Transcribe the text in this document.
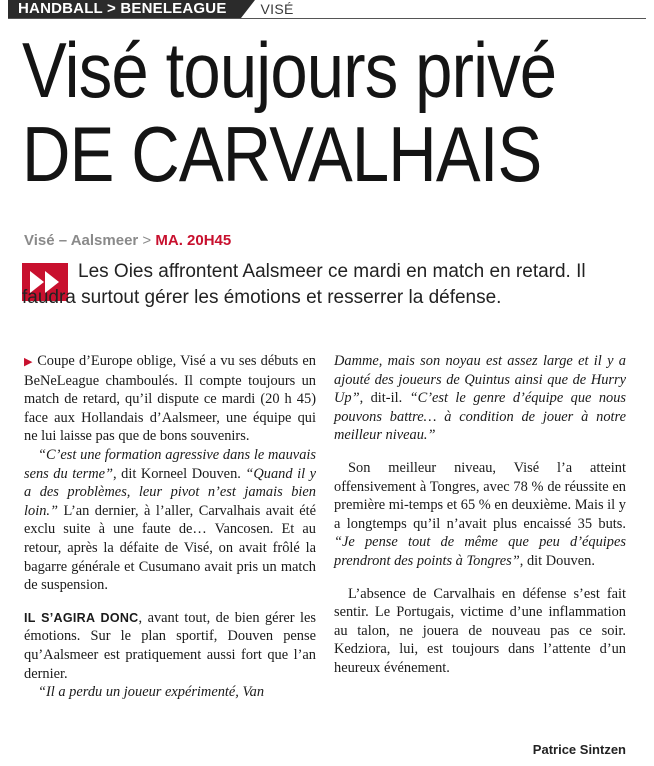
HANDBALL > BENELEAGUE	VISÉ
Visé toujours privé
DE CARVALHAIS
Visé – Aalsmeer > MA. 20H45

Les Oies affrontent Aalsmeer ce mardi en match en retard. Il faudra surtout gérer les émotions et resserrer la défense.

▶ Coupe d’Europe oblige, Visé a vu ses débuts en BeNeLeague chamboulés. Il compte toujours un match de retard, qu’il dispute ce mardi (20 h 45) face aux Hollandais d’Aalsmeer, une équipe qui ne lui laisse pas que de bons souvenirs.

“C’est une formation agressive dans le mauvais sens du terme”, dit Korneel Douven. “Quand il y a des problèmes, leur pivot n’est jamais bien loin.” L’an dernier, à l’aller, Carvalhais avait été exclu suite à une faute de… Vancosen. Et au retour, après la défaite de Visé, on avait frôlé la bagarre générale et Cusumano avait pris un match de suspension.

IL S’AGIRA DONC, avant tout, de bien gérer les émotions. Sur le plan sportif, Douven pense qu’Aalsmeer est pratiquement aussi fort que l’an dernier.

“Il a perdu un joueur expérimenté, Van

Damme, mais son noyau est assez large et il y a ajouté des joueurs de Quintus ainsi que de Hurry Up”, dit-il. “C’est le genre d’équipe que nous pouvons battre… à condition de jouer à notre meilleur niveau.”

Son meilleur niveau, Visé l’a atteint offensivement à Tongres, avec 78 % de réussite en première mi-temps et 65 % en deuxième. Mais il y a longtemps qu’il n’avait plus encaissé 35 buts. “Je pense tout de même que peu d’équipes prendront des points à Tongres”, dit Douven.

L’absence de Carvalhais en défense s’est fait sentir. Le Portugais, victime d’une inflammation au talon, ne jouera de nouveau pas ce soir. Kedziora, lui, est toujours dans l’attente d’un heureux événement.

Patrice Sintzen
